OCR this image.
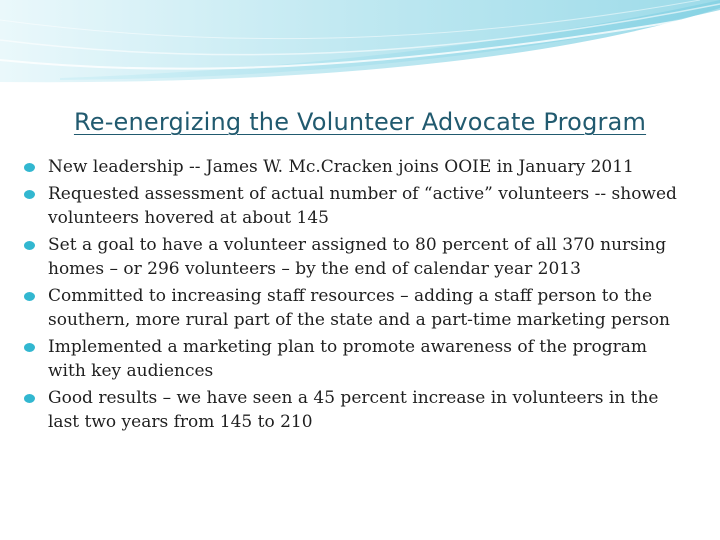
Re-energizing the Volunteer Advocate Program
New leadership -- James W. Mc.Cracken joins OOIE in January 2011
Requested assessment of actual number of “active” volunteers -- showed volunteers hovered at about 145
Set a goal to have a volunteer assigned to 80 percent of all 370 nursing homes – or 296 volunteers – by the end of calendar year 2013
Committed to increasing staff resources – adding a staff person to the southern, more rural part of the state and a part-time marketing person
Implemented a marketing plan to promote awareness of the program with key audiences
Good results – we have seen a 45 percent increase in volunteers in the last two years from 145 to 210
